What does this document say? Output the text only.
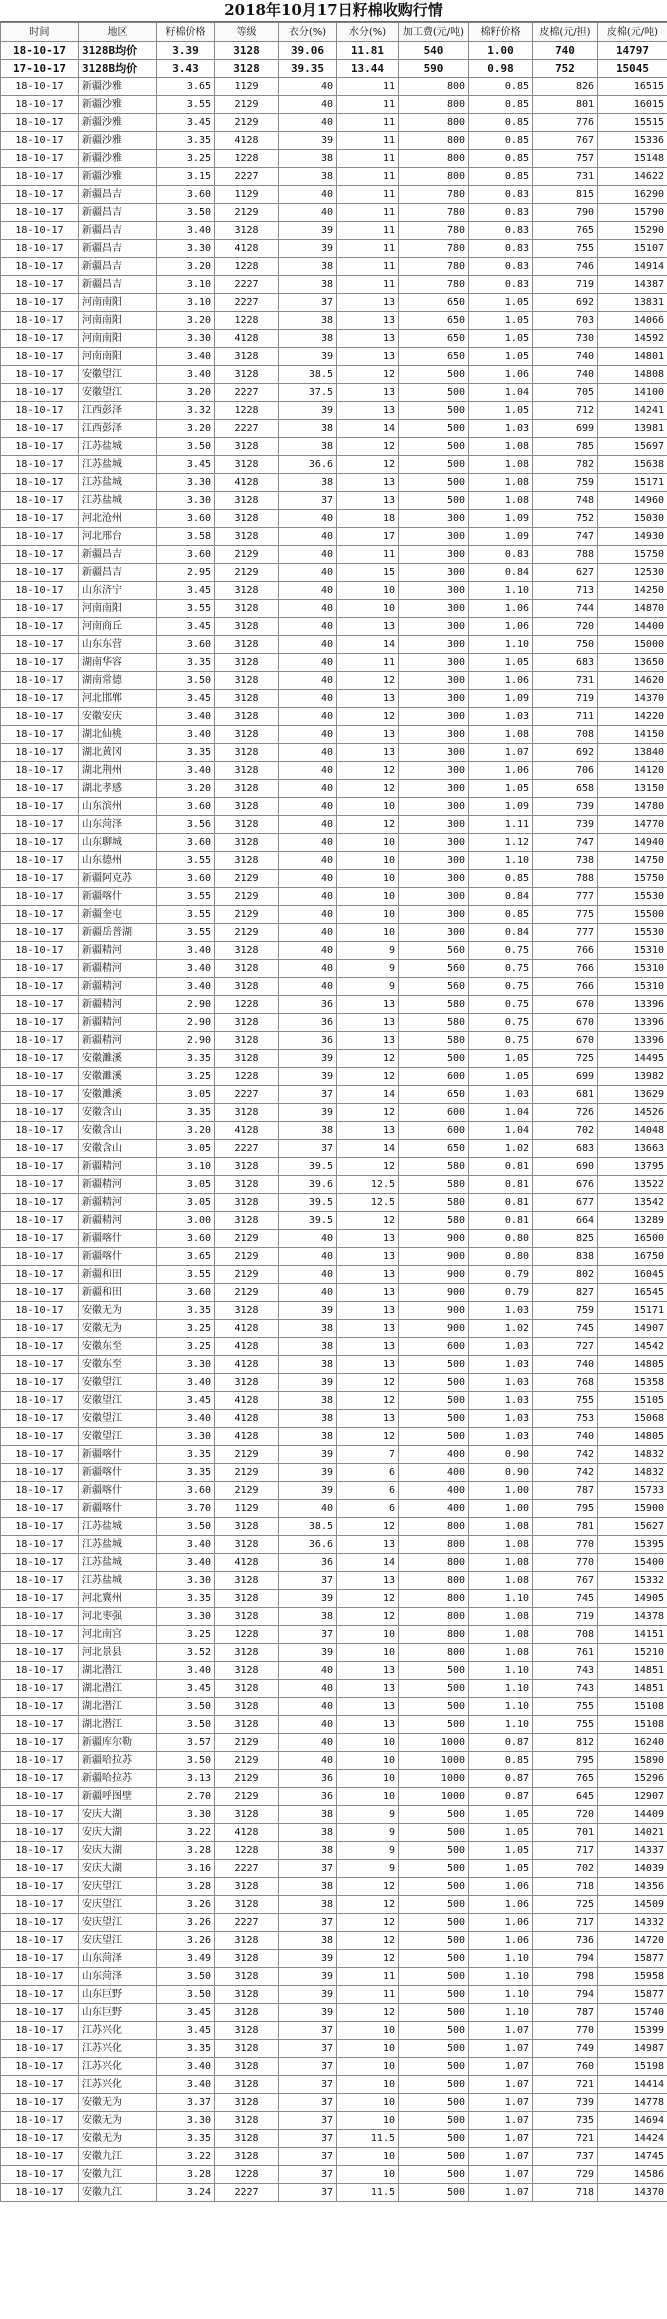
2018年10月17日籽棉收购行情
时间	地区	籽棉价格	等级	衣分(%)	水分(%)	加工费(元/吨)	棉籽价格	皮棉(元/担)	皮棉(元/吨)
18-10-17	3128B均价	3.39	3128	39.06	11.81	540	1.00	740	14797
17-10-17	3128B均价	3.43	3128	39.35	13.44	590	0.98	752	15045
18-10-17	新疆沙雅	3.65	1129	40	11	800	0.85	826	16515
18-10-17	新疆沙雅	3.55	2129	40	11	800	0.85	801	16015
18-10-17	新疆沙雅	3.45	2129	40	11	800	0.85	776	15515
18-10-17	新疆沙雅	3.35	4128	39	11	800	0.85	767	15336
18-10-17	新疆沙雅	3.25	1228	38	11	800	0.85	757	15148
18-10-17	新疆沙雅	3.15	2227	38	11	800	0.85	731	14622
18-10-17	新疆昌吉	3.60	1129	40	11	780	0.83	815	16290
18-10-17	新疆昌吉	3.50	2129	40	11	780	0.83	790	15790
18-10-17	新疆昌吉	3.40	3128	39	11	780	0.83	765	15290
18-10-17	新疆昌吉	3.30	4128	39	11	780	0.83	755	15107
18-10-17	新疆昌吉	3.20	1228	38	11	780	0.83	746	14914
18-10-17	新疆昌吉	3.10	2227	38	11	780	0.83	719	14387
18-10-17	河南南阳	3.10	2227	37	13	650	1.05	692	13831
18-10-17	河南南阳	3.20	1228	38	13	650	1.05	703	14066
18-10-17	河南南阳	3.30	4128	38	13	650	1.05	730	14592
18-10-17	河南南阳	3.40	3128	39	13	650	1.05	740	14801
18-10-17	安徽望江	3.40	3128	38.5	12	500	1.06	740	14808
18-10-17	安徽望江	3.20	2227	37.5	13	500	1.04	705	14100
18-10-17	江西彭泽	3.32	1228	39	13	500	1.05	712	14241
18-10-17	江西彭泽	3.20	2227	38	14	500	1.03	699	13981
18-10-17	江苏盐城	3.50	3128	38	12	500	1.08	785	15697
18-10-17	江苏盐城	3.45	3128	36.6	12	500	1.08	782	15638
18-10-17	江苏盐城	3.30	4128	38	13	500	1.08	759	15171
18-10-17	江苏盐城	3.30	3128	37	13	500	1.08	748	14960
18-10-17	河北沧州	3.60	3128	40	18	300	1.09	752	15030
18-10-17	河北邢台	3.58	3128	40	17	300	1.09	747	14930
18-10-17	新疆昌吉	3.60	2129	40	11	300	0.83	788	15750
18-10-17	新疆昌吉	2.95	2129	40	15	300	0.84	627	12530
18-10-17	山东济宁	3.45	3128	40	10	300	1.10	713	14250
18-10-17	河南南阳	3.55	3128	40	10	300	1.06	744	14870
18-10-17	河南商丘	3.45	3128	40	13	300	1.06	720	14400
18-10-17	山东东营	3.60	3128	40	14	300	1.10	750	15000
18-10-17	湖南华容	3.35	3128	40	11	300	1.05	683	13650
18-10-17	湖南常德	3.50	3128	40	12	300	1.06	731	14620
18-10-17	河北邯郸	3.45	3128	40	13	300	1.09	719	14370
18-10-17	安徽安庆	3.40	3128	40	12	300	1.03	711	14220
18-10-17	湖北仙桃	3.40	3128	40	13	300	1.08	708	14150
18-10-17	湖北黄冈	3.35	3128	40	13	300	1.07	692	13840
18-10-17	湖北荆州	3.40	3128	40	12	300	1.06	706	14120
18-10-17	湖北孝感	3.20	3128	40	12	300	1.05	658	13150
18-10-17	山东滨州	3.60	3128	40	10	300	1.09	739	14780
18-10-17	山东菏泽	3.56	3128	40	12	300	1.11	739	14770
18-10-17	山东聊城	3.60	3128	40	10	300	1.12	747	14940
18-10-17	山东德州	3.55	3128	40	10	300	1.10	738	14750
18-10-17	新疆阿克苏	3.60	2129	40	10	300	0.85	788	15750
18-10-17	新疆喀什	3.55	2129	40	10	300	0.84	777	15530
18-10-17	新疆奎屯	3.55	2129	40	10	300	0.85	775	15500
18-10-17	新疆岳普湖	3.55	2129	40	10	300	0.84	777	15530
18-10-17	新疆精河	3.40	3128	40	9	560	0.75	766	15310
18-10-17	新疆精河	3.40	3128	40	9	560	0.75	766	15310
18-10-17	新疆精河	3.40	3128	40	9	560	0.75	766	15310
18-10-17	新疆精河	2.90	1228	36	13	580	0.75	670	13396
18-10-17	新疆精河	2.90	3128	36	13	580	0.75	670	13396
18-10-17	新疆精河	2.90	3128	36	13	580	0.75	670	13396
18-10-17	安徽濉溪	3.35	3128	39	12	500	1.05	725	14495
18-10-17	安徽濉溪	3.25	1228	39	12	600	1.05	699	13982
18-10-17	安徽濉溪	3.05	2227	37	14	650	1.03	681	13629
18-10-17	安徽含山	3.35	3128	39	12	600	1.04	726	14526
18-10-17	安徽含山	3.20	4128	38	13	600	1.04	702	14048
18-10-17	安徽含山	3.05	2227	37	14	650	1.02	683	13663
18-10-17	新疆精河	3.10	3128	39.5	12	580	0.81	690	13795
18-10-17	新疆精河	3.05	3128	39.6	12.5	580	0.81	676	13522
18-10-17	新疆精河	3.05	3128	39.5	12.5	580	0.81	677	13542
18-10-17	新疆精河	3.00	3128	39.5	12	580	0.81	664	13289
18-10-17	新疆喀什	3.60	2129	40	13	900	0.80	825	16500
18-10-17	新疆喀什	3.65	2129	40	13	900	0.80	838	16750
18-10-17	新疆和田	3.55	2129	40	13	900	0.79	802	16045
18-10-17	新疆和田	3.60	2129	40	13	900	0.79	827	16545
18-10-17	安徽无为	3.35	3128	39	13	900	1.03	759	15171
18-10-17	安徽无为	3.25	4128	38	13	900	1.02	745	14907
18-10-17	安徽东至	3.25	4128	38	13	600	1.03	727	14542
18-10-17	安徽东至	3.30	4128	38	13	500	1.03	740	14805
18-10-17	安徽望江	3.40	3128	39	12	500	1.03	768	15358
18-10-17	安徽望江	3.45	4128	38	12	500	1.03	755	15105
18-10-17	安徽望江	3.40	4128	38	13	500	1.03	753	15068
18-10-17	安徽望江	3.30	4128	38	12	500	1.03	740	14805
18-10-17	新疆喀什	3.35	2129	39	7	400	0.90	742	14832
18-10-17	新疆喀什	3.35	2129	39	6	400	0.90	742	14832
18-10-17	新疆喀什	3.60	2129	39	6	400	1.00	787	15733
18-10-17	新疆喀什	3.70	1129	40	6	400	1.00	795	15900
18-10-17	江苏盐城	3.50	3128	38.5	12	800	1.08	781	15627
18-10-17	江苏盐城	3.40	3128	36.6	13	800	1.08	770	15395
18-10-17	江苏盐城	3.40	4128	36	14	800	1.08	770	15400
18-10-17	江苏盐城	3.30	3128	37	13	800	1.08	767	15332
18-10-17	河北冀州	3.35	3128	39	12	800	1.10	745	14905
18-10-17	河北枣强	3.30	3128	38	12	800	1.08	719	14378
18-10-17	河北南宫	3.25	1228	37	10	800	1.08	708	14151
18-10-17	河北景县	3.52	3128	39	10	800	1.08	761	15210
18-10-17	湖北潜江	3.40	3128	40	13	500	1.10	743	14851
18-10-17	湖北潜江	3.45	3128	40	13	500	1.10	743	14851
18-10-17	湖北潜江	3.50	3128	40	13	500	1.10	755	15108
18-10-17	湖北潜江	3.50	3128	40	13	500	1.10	755	15108
18-10-17	新疆库尔勒	3.57	2129	40	10	1000	0.87	812	16240
18-10-17	新疆哈拉苏	3.50	2129	40	10	1000	0.85	795	15890
18-10-17	新疆哈拉苏	3.13	2129	36	10	1000	0.87	765	15296
18-10-17	新疆呼图壁	2.70	2129	36	10	1000	0.87	645	12907
18-10-17	安庆大湖	3.30	3128	38	9	500	1.05	720	14409
18-10-17	安庆大湖	3.22	4128	38	9	500	1.05	701	14021
18-10-17	安庆大湖	3.28	1228	38	9	500	1.05	717	14337
18-10-17	安庆大湖	3.16	2227	37	9	500	1.05	702	14039
18-10-17	安庆望江	3.28	3128	38	12	500	1.06	718	14356
18-10-17	安庆望江	3.26	3128	38	12	500	1.06	725	14509
18-10-17	安庆望江	3.26	2227	37	12	500	1.06	717	14332
18-10-17	安庆望江	3.26	3128	38	12	500	1.06	736	14720
18-10-17	山东菏泽	3.49	3128	39	12	500	1.10	794	15877
18-10-17	山东菏泽	3.50	3128	39	11	500	1.10	798	15958
18-10-17	山东巨野	3.50	3128	39	11	500	1.10	794	15877
18-10-17	山东巨野	3.45	3128	39	12	500	1.10	787	15740
18-10-17	江苏兴化	3.45	3128	37	10	500	1.07	770	15399
18-10-17	江苏兴化	3.35	3128	37	10	500	1.07	749	14987
18-10-17	江苏兴化	3.40	3128	37	10	500	1.07	760	15198
18-10-17	江苏兴化	3.40	3128	37	10	500	1.07	721	14414
18-10-17	安徽无为	3.37	3128	37	10	500	1.07	739	14778
18-10-17	安徽无为	3.30	3128	37	10	500	1.07	735	14694
18-10-17	安徽无为	3.35	3128	37	11.5	500	1.07	721	14424
18-10-17	安徽九江	3.22	3128	37	10	500	1.07	737	14745
18-10-17	安徽九江	3.28	1228	37	10	500	1.07	729	14586
18-10-17	安徽九江	3.24	2227	37	11.5	500	1.07	718	14370
